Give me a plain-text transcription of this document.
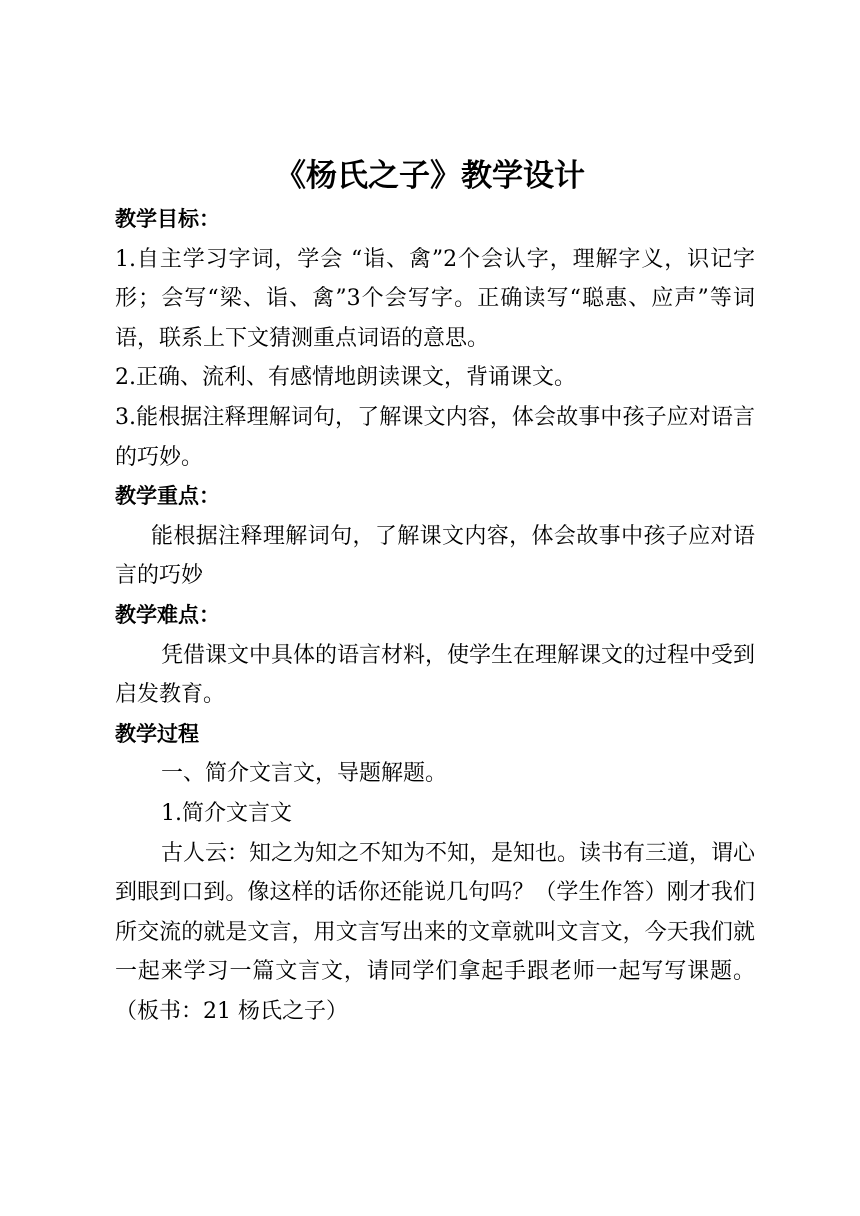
《杨氏之子》教学设计

教学目标：

1.自主学习字词，学会 “诣、禽”2个会认字，理解字义，识记字形；会写“梁、诣、禽”3个会写字。正确读写“聪惠、应声”等词语，联系上下文猜测重点词语的意思。

2.正确、流利、有感情地朗读课文，背诵课文。

3.能根据注释理解词句，了解课文内容，体会故事中孩子应对语言的巧妙。

教学重点：

能根据注释理解词句，了解课文内容，体会故事中孩子应对语言的巧妙

教学难点：

凭借课文中具体的语言材料，使学生在理解课文的过程中受到启发教育。

教学过程

一、简介文言文，导题解题。

1.简介文言文

古人云：知之为知之不知为不知，是知也。读书有三道，谓心到眼到口到。像这样的话你还能说几句吗？（学生作答）刚才我们所交流的就是文言，用文言写出来的文章就叫文言文，今天我们就一起来学习一篇文言文，请同学们拿起手跟老师一起写写课题。（板书：21 杨氏之子）
